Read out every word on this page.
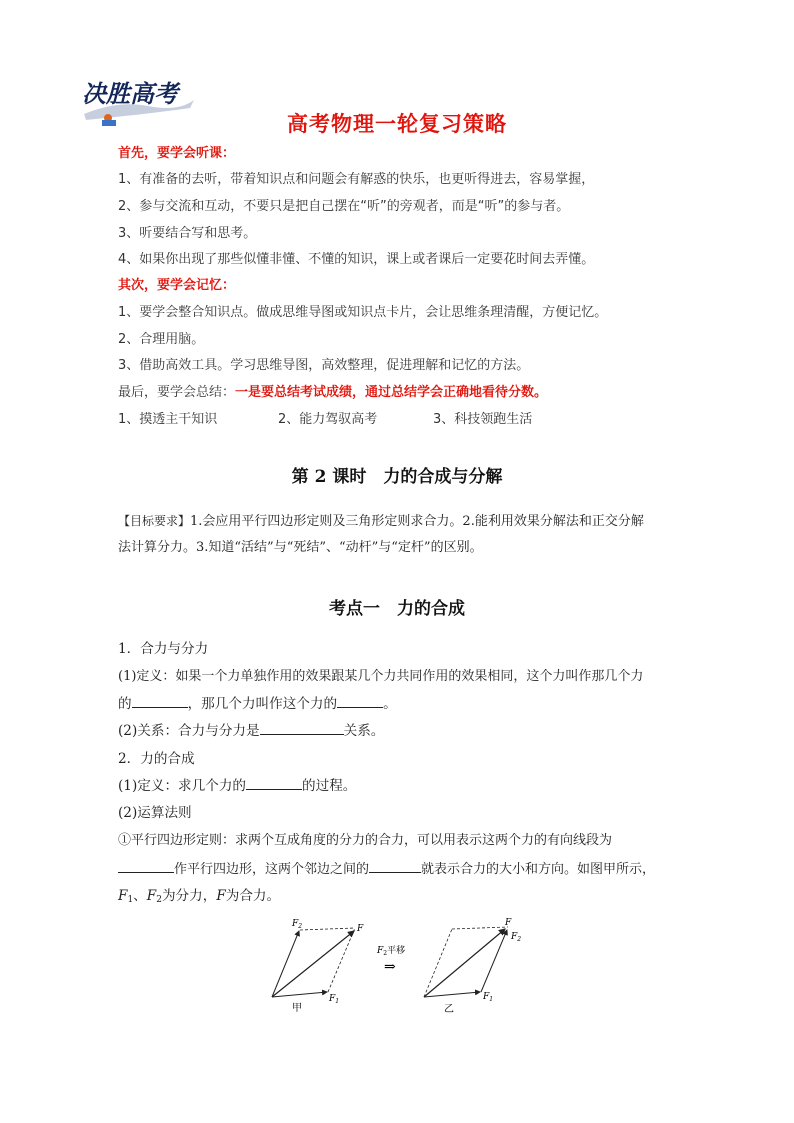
决胜高考
高考物理一轮复习策略
首先，要学会听课：
1、有准备的去听，带着知识点和问题会有解惑的快乐，也更听得进去，容易掌握，
2、参与交流和互动，不要只是把自己摆在“听”的旁观者，而是“听”的参与者。
3、听要结合写和思考。
4、如果你出现了那些似懂非懂、不懂的知识，课上或者课后一定要花时间去弄懂。
其次，要学会记忆：
1、要学会整合知识点。做成思维导图或知识点卡片，会让思维条理清醒，方便记忆。
2、合理用脑。
3、借助高效工具。学习思维导图，高效整理，促进理解和记忆的方法。
最后，要学会总结：一是要总结考试成绩，通过总结学会正确地看待分数。
1、摸透主干知识	2、能力驾驭高考	3、科技领跑生活
第 2 课时　力的合成与分解
【目标要求】1.会应用平行四边形定则及三角形定则求合力。2.能利用效果分解法和正交分解
法计算分力。3.知道“活结”与“死结”、“动杆”与“定杆”的区别。
考点一　力的合成
1．合力与分力
(1)定义：如果一个力单独作用的效果跟某几个力共同作用的效果相同，这个力叫作那几个力
的	，那几个力叫作这个力的	。
(2)关系：合力与分力是	关系。
2．力的合成
(1)定义：求几个力的	的过程。
(2)运算法则
①平行四边形定则：求两个互成角度的分力的合力，可以用表示这两个力的有向线段为
作平行四边形，这两个邻边之间的	就表示合力的大小和方向。如图甲所示，
$F_1$、$F_2$为分力，F为合力。
$F_2$	F
$F_1$
甲
$F_2$平移
⇒
F
$F_2$
$F_1$
乙
